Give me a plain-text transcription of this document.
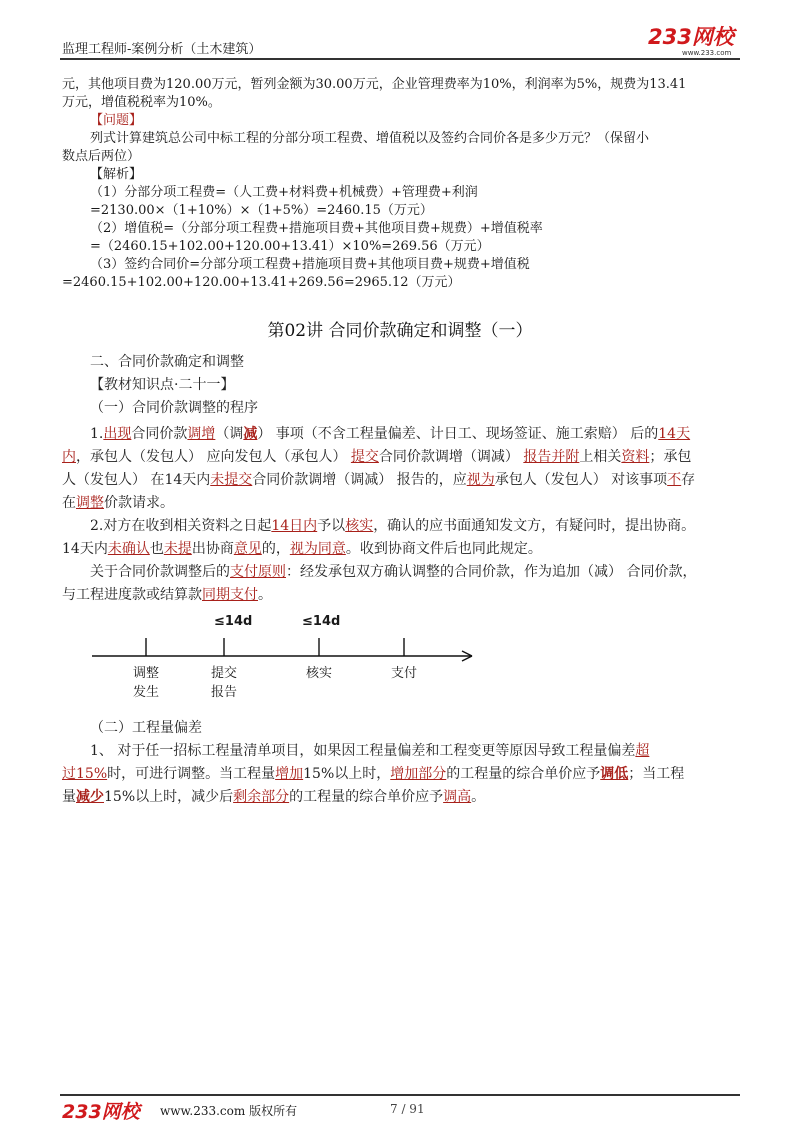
监理工程师-案例分析（土木建筑）
233网校
www.233.com
元，其他项目费为120.00万元，暂列金额为30.00万元，企业管理费率为10%，利润率为5%，规费为13.41
万元，增值税税率为10%。
【问题】
列式计算建筑总公司中标工程的分部分项工程费、增值税以及签约合同价各是多少万元？（保留小
数点后两位）
【解析】
（1）分部分项工程费=（人工费+材料费+机械费）+管理费+利润
=2130.00×（1+10%）×（1+5%）=2460.15（万元）
（2）增值税=（分部分项工程费+措施项目费+其他项目费+规费）+增值税率
=（2460.15+102.00+120.00+13.41）×10%=269.56（万元）
（3）签约合同价=分部分项工程费+措施项目费+其他项目费+规费+增值税
=2460.15+102.00+120.00+13.41+269.56=2965.12（万元）
第02讲 合同价款确定和调整（一）
二、合同价款确定和调整
【教材知识点·二十一】
（一）合同价款调整的程序
1.出现合同价款调增（调减） 事项（不含工程量偏差、计日工、现场签证、施工索赔） 后的14天
内，承包人（发包人） 应向发包人（承包人） 提交合同价款调增（调减） 报告并附上相关资料；承包
人（发包人） 在14天内未提交合同价款调增（调减） 报告的，应视为承包人（发包人） 对该事项不存
在调整价款请求。
2.对方在收到相关资料之日起14日内予以核实，确认的应书面通知发文方，有疑问时，提出协商。
14天内未确认也未提出协商意见的，视为同意。收到协商文件后也同此规定。
关于合同价款调整后的支付原则：经发承包双方确认调整的合同价款，作为追加（减） 合同价款，
与工程进度款或结算款同期支付。
≤14d	≤14d
调整发生
提交报告
核实	支付
（二）工程量偏差
1、 对于任一招标工程量清单项目，如果因工程量偏差和工程变更等原因导致工程量偏差超
过15%时，可进行调整。当工程量增加15%以上时，增加部分的工程量的综合单价应予调低；当工程
量减少15%以上时，减少后剩余部分的工程量的综合单价应予调高。
233网校 www.233.com 版权所有	7 / 91
